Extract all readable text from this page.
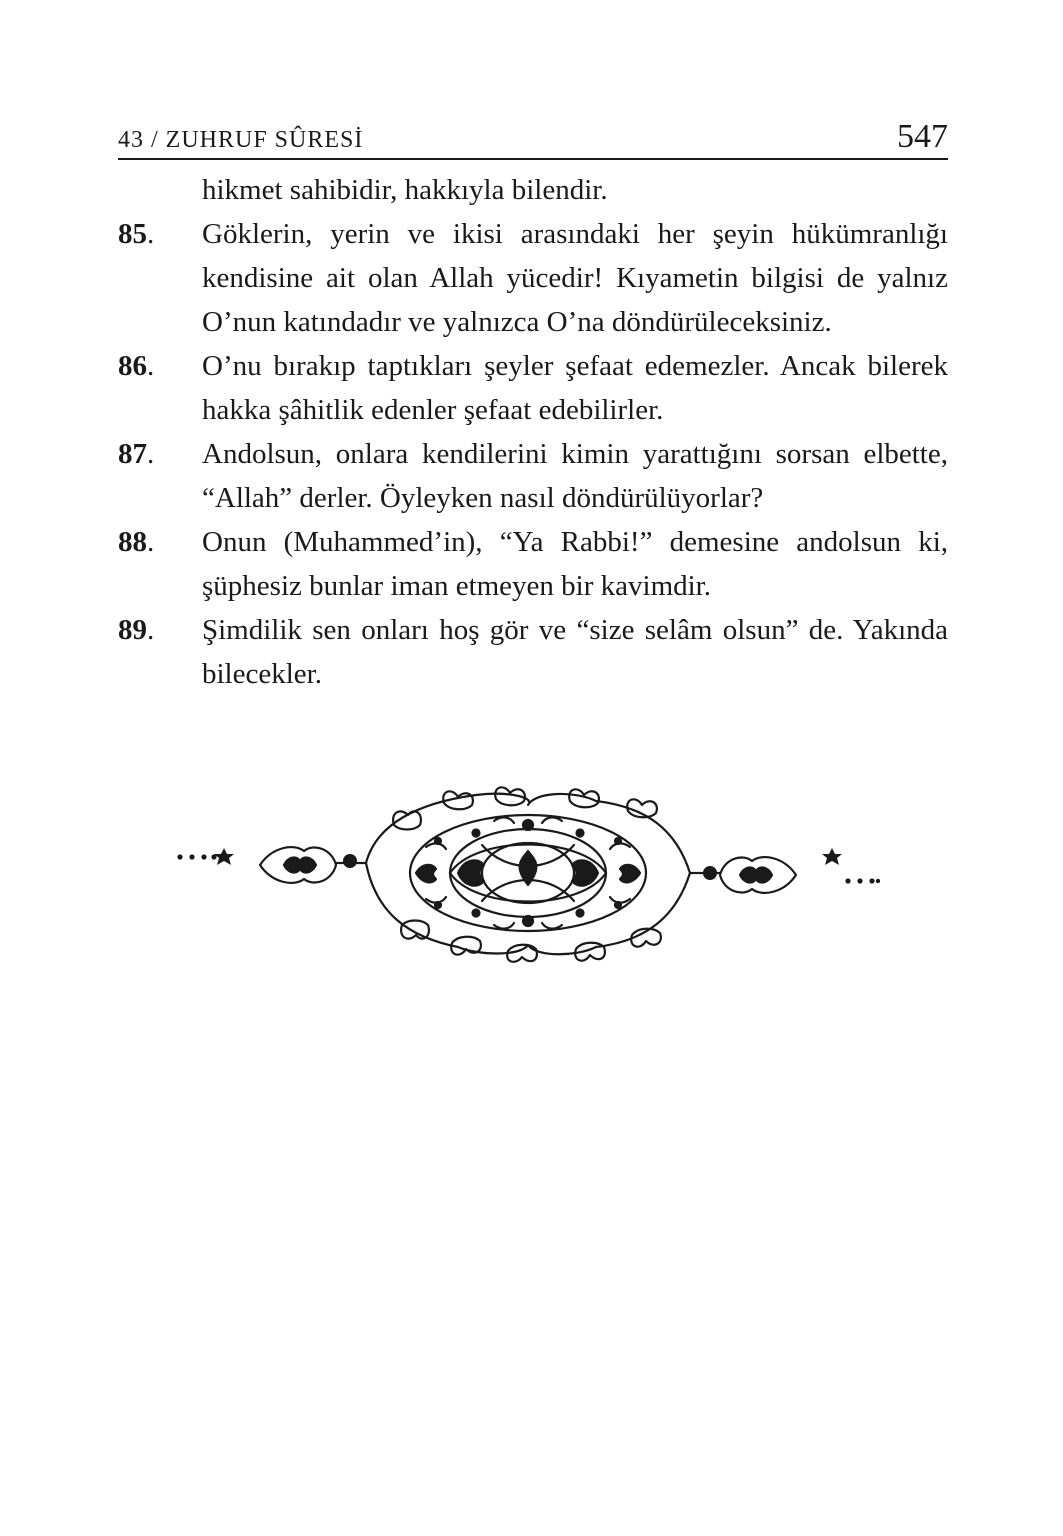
43 / ZUHRUF SÛRESİ	547
hikmet sahibidir, hakkıyla bilendir.
85. Göklerin, yerin ve ikisi arasındaki her şeyin hükümranlığı kendisine ait olan Allah yücedir! Kıyametin bilgisi de yalnız O’nun katındadır ve yalnızca O’na döndürüleceksiniz.
86. O’nu bırakıp taptıkları şeyler şefaat edemezler. Ancak bilerek hakka şâhitlik edenler şefaat edebilirler.
87. Andolsun, onlara kendilerini kimin yarattığını sorsan elbette, “Allah” derler. Öyleyken nasıl döndürülüyorlar?
88. Onun (Muhammed’in), “Ya Rabbi!” demesine andolsun ki, şüphesiz bunlar iman etmeyen bir kavimdir.
89. Şimdilik sen onları hoş gör ve “size selâm olsun” de. Yakında bilecekler.
